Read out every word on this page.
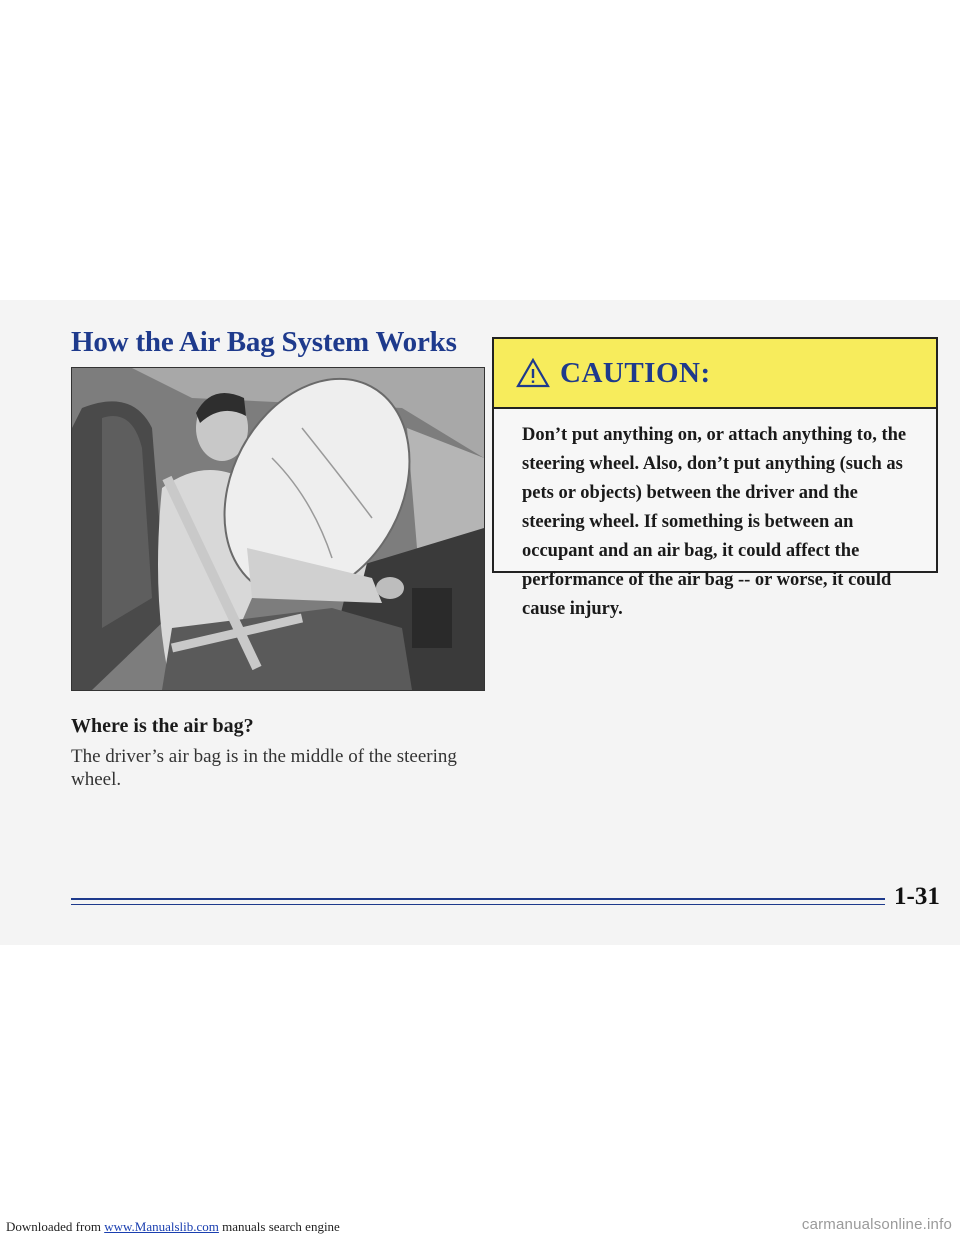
How the Air Bag System Works
Where is the air bag?

The driver’s air bag is in the middle of the steering wheel.

CAUTION:

Don’t put anything on, or attach anything to, the steering wheel. Also, don’t put anything (such as pets or objects) between the driver and the steering wheel. If something is between an occupant and an air bag, it could affect the performance of the air bag -- or worse, it could cause injury.

1-31
Downloaded from www.Manualslib.com manuals search engine	carmanualsonline.info
